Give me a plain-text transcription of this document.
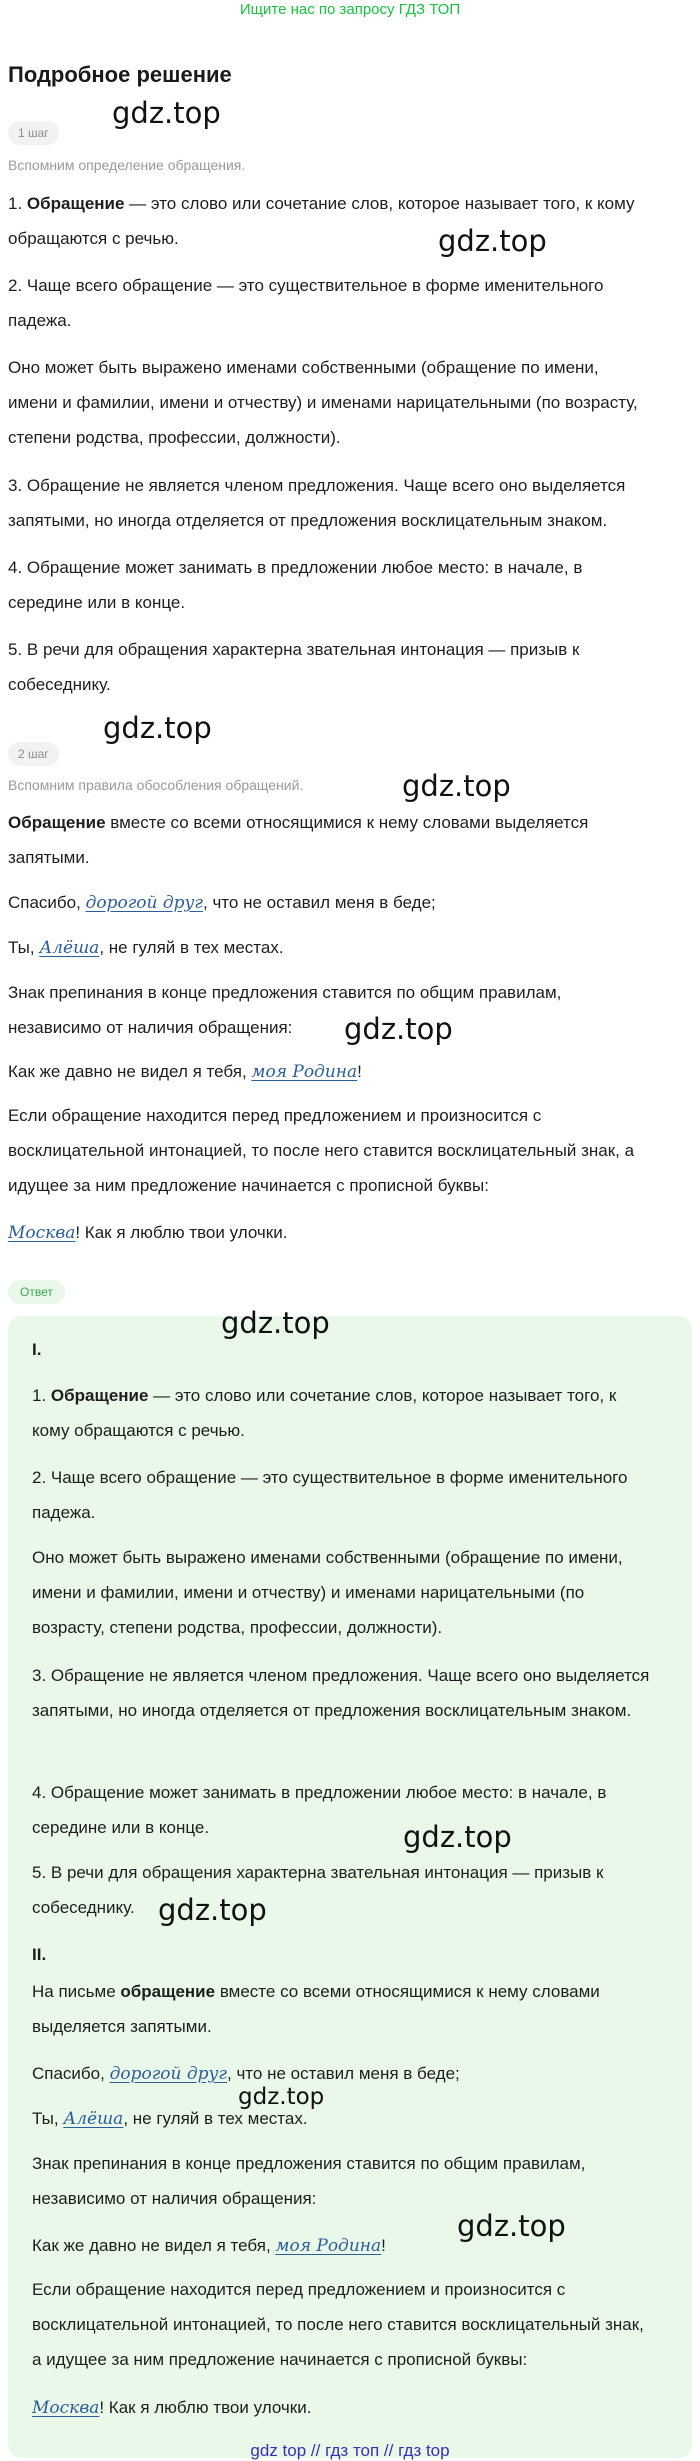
Ищите нас по запросу ГДЗ ТОП
Подробное решение
1 шаг
Вспомним определение обращения.
1. Обращение — это слово или сочетание слов, которое называет того, к кому обращаются с речью.
2. Чаще всего обращение — это существительное в форме именительного падежа.
Оно может быть выражено именами собственными (обращение по имени, имени и фамилии, имени и отчеству) и именами нарицательными (по возрасту, степени родства, профессии, должности).
3. Обращение не является членом предложения. Чаще всего оно выделяется запятыми, но иногда отделяется от предложения восклицательным знаком.
4. Обращение может занимать в предложении любое место: в начале, в середине или в конце.
5. В речи для обращения характерна звательная интонация — призыв к собеседнику.
2 шаг
Вспомним правила обособления обращений.
Обращение вместе со всеми относящимися к нему словами выделяется запятыми.
Спасибо, дорогой друг, что не оставил меня в беде;
Ты, Алёша, не гуляй в тех местах.
Знак препинания в конце предложения ставится по общим правилам, независимо от наличия обращения:
Как же давно не видел я тебя, моя Родина!
Если обращение находится перед предложением и произносится с восклицательной интонацией, то после него ставится восклицательный знак, а идущее за ним предложение начинается с прописной буквы:
Москва! Как я люблю твои улочки.
Ответ
I.
1. Обращение — это слово или сочетание слов, которое называет того, к кому обращаются с речью.
2. Чаще всего обращение — это существительное в форме именительного падежа.
Оно может быть выражено именами собственными (обращение по имени, имени и фамилии, имени и отчеству) и именами нарицательными (по возрасту, степени родства, профессии, должности).
3. Обращение не является членом предложения. Чаще всего оно выделяется запятыми, но иногда отделяется от предложения восклицательным знаком.
4. Обращение может занимать в предложении любое место: в начале, в середине или в конце.
5. В речи для обращения характерна звательная интонация — призыв к собеседнику.
II.
На письме обращение вместе со всеми относящимися к нему словами выделяется запятыми.
Спасибо, дорогой друг, что не оставил меня в беде;
Ты, Алёша, не гуляй в тех местах.
Знак препинания в конце предложения ставится по общим правилам, независимо от наличия обращения:
Как же давно не видел я тебя, моя Родина!
Если обращение находится перед предложением и произносится с восклицательной интонацией, то после него ставится восклицательный знак, а идущее за ним предложение начинается с прописной буквы:
Москва! Как я люблю твои улочки.
gdz.top
gdz.top
gdz.top
gdz.top
gdz.top
gdz.top
gdz.top
gdz.top
gdz.top
gdz.top
gdz top // гдз топ // гдз top
